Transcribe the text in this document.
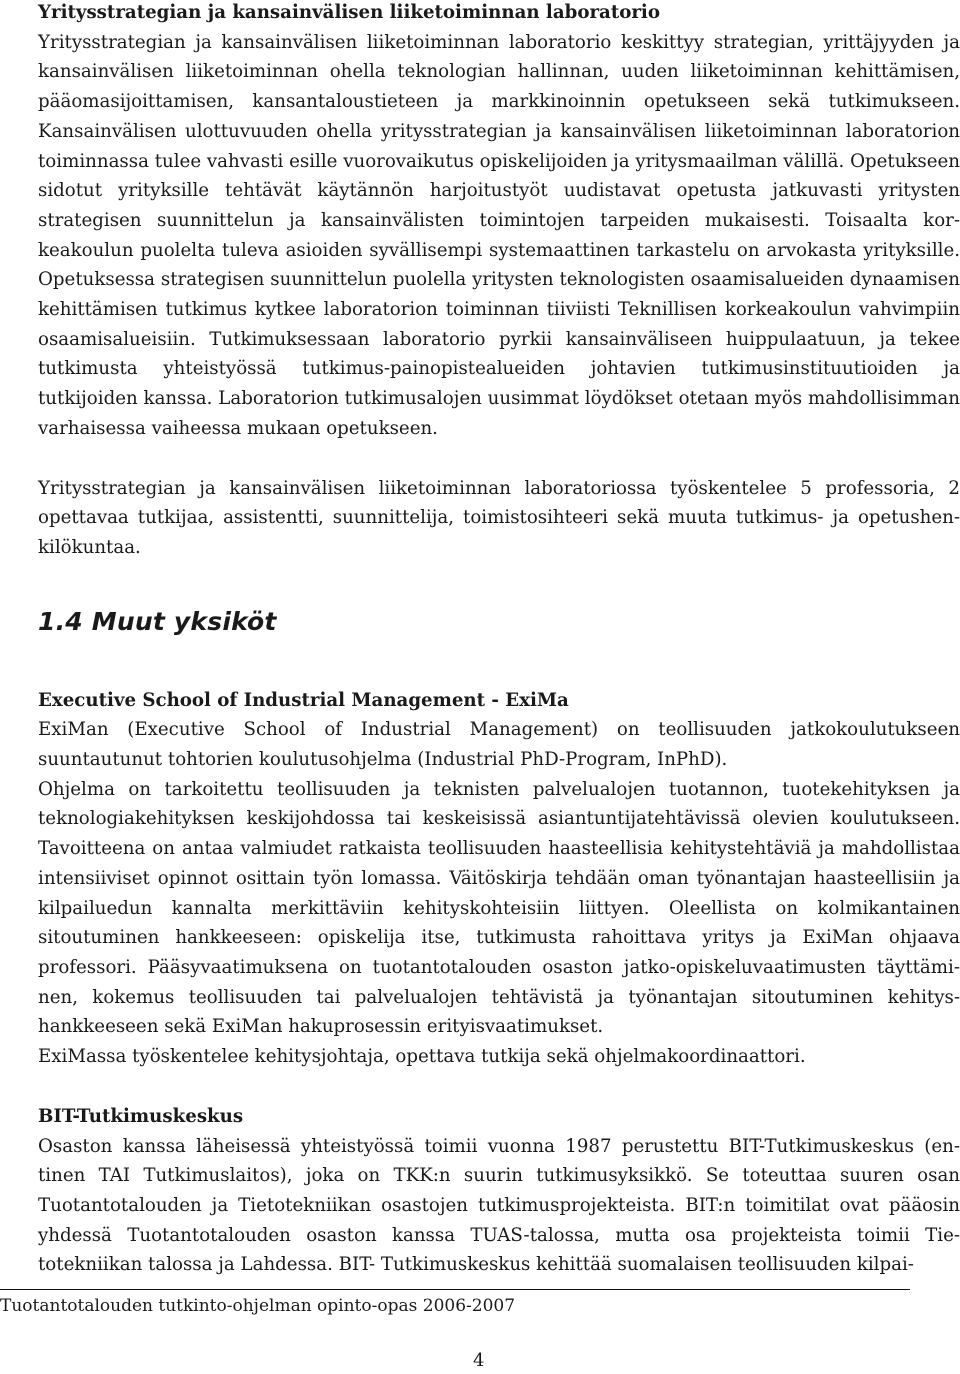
Yritysstrategian ja kansainvälisen liiketoiminnan laboratorio

Yritysstrategian ja kansainvälisen liiketoiminnan laboratorio keskittyy strategian, yrittäjyyden ja kansainvälisen liiketoiminnan ohella teknologian hallinnan, uuden liiketoiminnan kehittämisen, pääomasijoittamisen, kansantaloustieteen ja markkinoinnin opetukseen sekä tutkimukseen. Kansainvälisen ulottuvuuden ohella yritysstrategian ja kansainvälisen liiketoiminnan laboratorion toiminnassa tulee vahvasti esille vuorovaikutus opiskelijoiden ja yritysmaailman välillä. Opetukseen sidotut yrityksille tehtävät käytännön harjoitustyöt uudistavat opetusta jatkuvasti yritysten strategisen suunnittelun ja kansainvälisten toimintojen tarpeiden mukaisesti. Toisaalta korkeakoulun puolelta tuleva asioiden syvällisempi systemaattinen tarkastelu on arvokasta yrityksille. Opetuksessa strategisen suunnittelun puolella yritysten teknologisten osaamisalueiden dynaamisen kehittämisen tutkimus kytkee laboratorion toiminnan tiiviisti Teknillisen korkeakoulun vahvimpiin osaamisalueisiin. Tutkimuksessaan laboratorio pyrkii kansainväliseen huippulaatuun, ja tekee tutkimusta yhteistyössä tutkimus-painopistealueiden johtavien tutkimusinstituutioiden ja tutkijoiden kanssa. Laboratorion tutkimusalojen uusimmat löydökset otetaan myös mahdollisimman varhaisessa vaiheessa mukaan opetukseen.

Yritysstrategian ja kansainvälisen liiketoiminnan laboratoriossa työskentelee 5 professoria, 2 opettavaa tutkijaa, assistentti, suunnittelija, toimistosihteeri sekä muuta tutkimus- ja opetushenkilökuntaa.

1.4 Muut yksiköt
Executive School of Industrial Management - ExiMa

ExiMan (Executive School of Industrial Management) on teollisuuden jatkokoulutukseen suuntautunut tohtorien koulutusohjelma (Industrial PhD-Program, InPhD).

Ohjelma on tarkoitettu teollisuuden ja teknisten palvelualojen tuotannon, tuotekehityksen ja teknologiakehityksen keskijohdossa tai keskeisissä asiantuntijatehtävissä olevien koulutukseen. Tavoitteena on antaa valmiudet ratkaista teollisuuden haasteellisia kehitystehtäviä ja mahdollistaa intensiiviset opinnot osittain työn lomassa. Väitöskirja tehdään oman työnantajan haasteellisiin ja kilpailuedun kannalta merkittäviin kehityskohteisiin liittyen. Oleellista on kolmikantainen sitoutuminen hankkeeseen: opiskelija itse, tutkimusta rahoittava yritys ja ExiMan ohjaava professori. Pääsyvaatimuksena on tuotantotalouden osaston jatko-opiskeluvaatimusten täyttäminen, kokemus teollisuuden tai palvelualojen tehtävistä ja työnantajan sitoutuminen kehityshankkeeseen sekä ExiMan hakuprosessin erityisvaatimukset.

ExiMassa työskentelee kehitysjohtaja, opettava tutkija sekä ohjelmakoordinaattori.

BIT-Tutkimuskeskus

Osaston kanssa läheisessä yhteistyössä toimii vuonna 1987 perustettu BIT-Tutkimuskeskus (entinen TAI Tutkimuslaitos), joka on TKK:n suurin tutkimusyksikkö. Se toteuttaa suuren osan Tuotantotalouden ja Tietotekniikan osastojen tutkimusprojekteista. BIT:n toimitilat ovat pääosin yhdessä Tuotantotalouden osaston kanssa TUAS-talossa, mutta osa projekteista toimii Tietotekniikan talossa ja Lahdessa. BIT- Tutkimuskeskus kehittää suomalaisen teollisuuden kilpai-

Tuotantotalouden tutkinto-ohjelman opinto-opas 2006-2007
4
